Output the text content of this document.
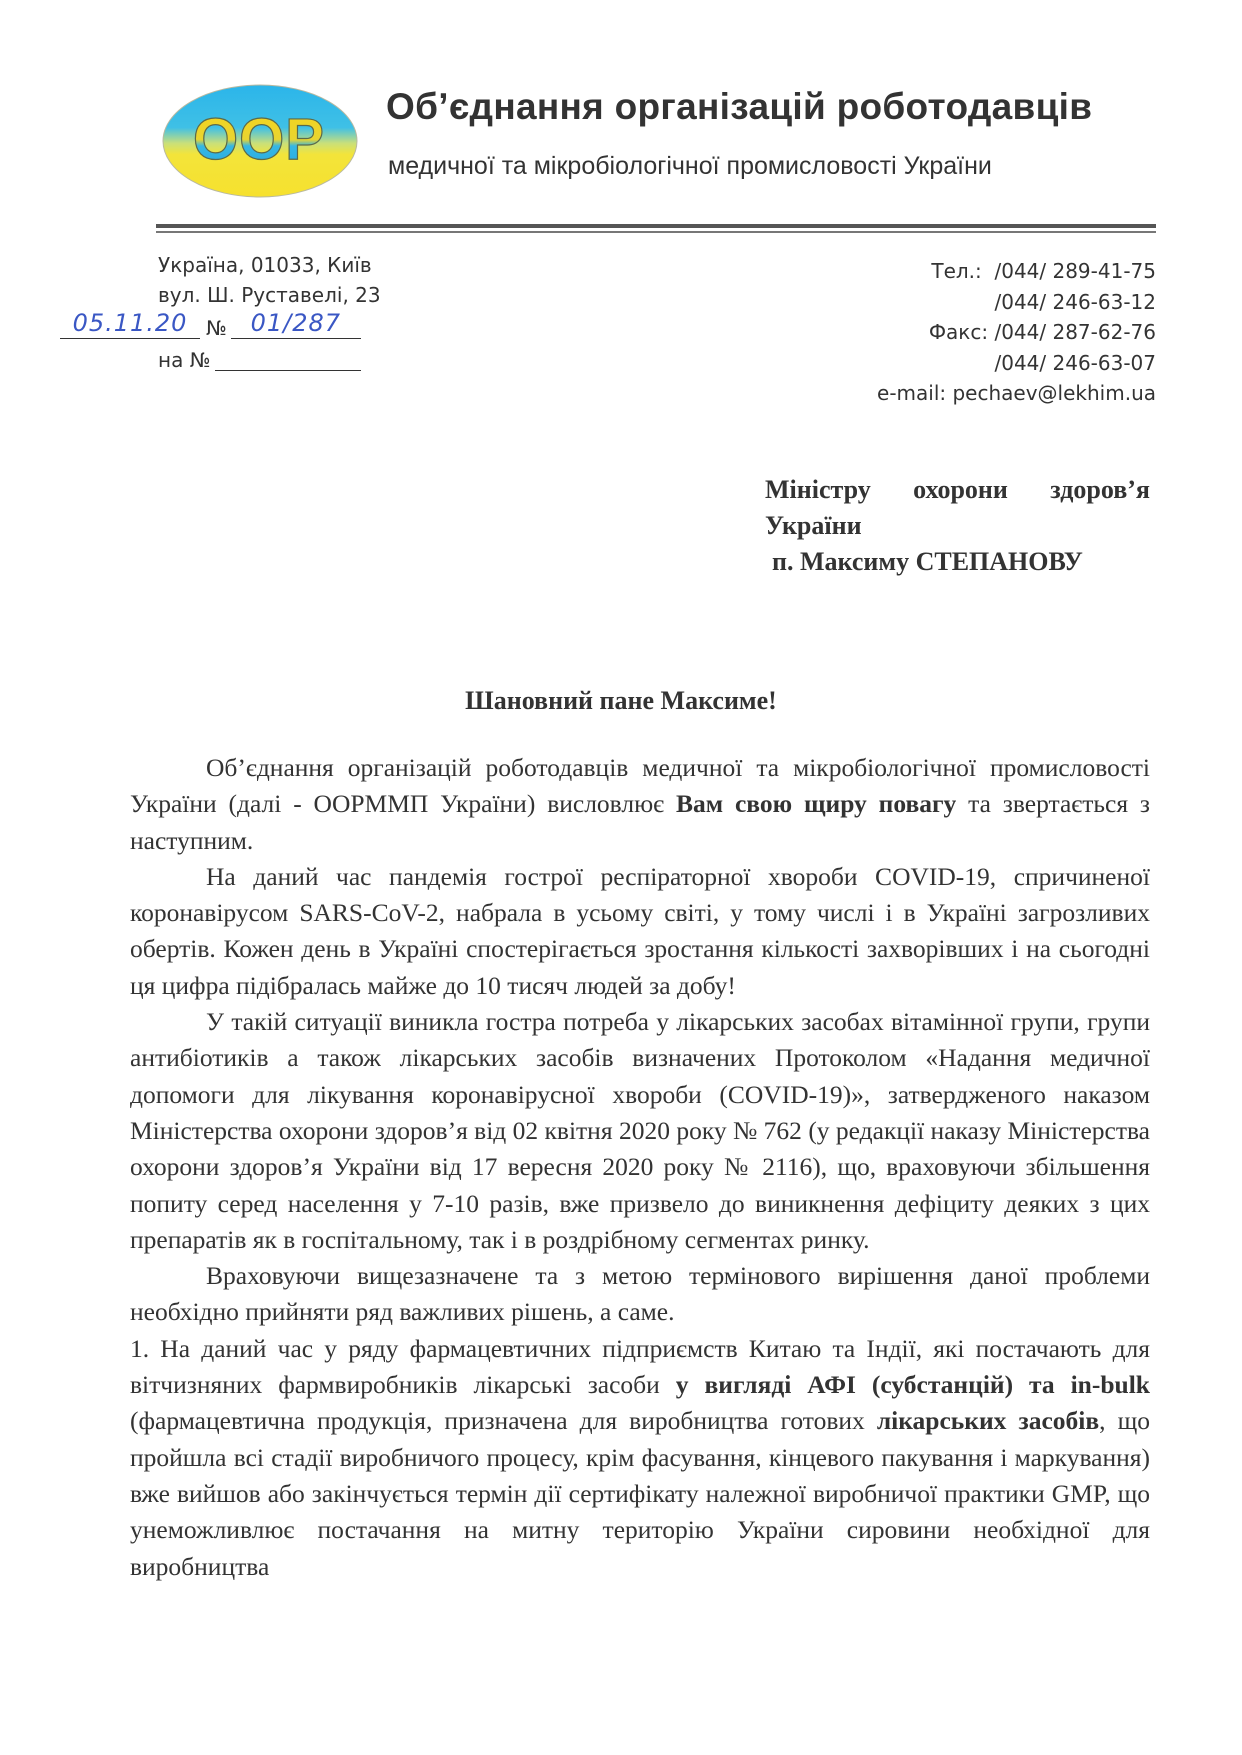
ООР
Об’єднання організацій роботодавців
медичної та мікробіологічної промисловості України
Україна, 01033, Київ
вул. Ш. Руставелі, 23
05.11.20 № 01/287
на №
Тел.:  /044/ 289-41-75
/044/ 246-63-12
Факс: /044/ 287-62-76
/044/ 246-63-07
e-mail: pechaev@lekhim.ua
Міністру охорони здоров’я
України
п. Максиму СТЕПАНОВУ
Шановний пане Максиме!

Об’єднання організацій роботодавців медичної та мікробіологічної промисловості України (далі - ООРММП України) висловлює Вам свою щиру повагу та звертається з наступним.

На даний час пандемія гострої респіраторної хвороби COVID-19, спричиненої коронавірусом SARS-CoV-2, набрала в усьому світі, у тому числі і в Україні загрозливих обертів. Кожен день в Україні спостерігається зростання кількості захворівших і на сьогодні ця цифра підібралась майже до 10 тисяч людей за добу!

У такій ситуації виникла гостра потреба у лікарських засобах вітамінної групи, групи антибіотиків а також лікарських засобів визначених Протоколом «Надання медичної допомоги для лікування коронавірусної хвороби (COVID-19)», затвердженого наказом Міністерства охорони здоров’я від 02 квітня 2020 року № 762 (у редакції наказу Міністерства охорони здоров’я України від 17 вересня 2020 року № 2116), що, враховуючи збільшення попиту серед населення у 7-10 разів, вже призвело до виникнення дефіциту деяких з цих препаратів як в госпітальному, так і в роздрібному сегментах ринку.

Враховуючи вищезазначене та з метою термінового вирішення даної проблеми необхідно прийняти ряд важливих рішень, а саме.

1. На даний час у ряду фармацевтичних підприємств Китаю та Індії, які постачають для вітчизняних фармвиробників лікарські засоби у вигляді АФІ (субстанцій) та in-bulk (фармацевтична продукція, призначена для виробництва готових лікарських засобів, що пройшла всі стадії виробничого процесу, крім фасування, кінцевого пакування і маркування) вже вийшов або закінчується термін дії сертифікату належної виробничої практики GMP, що унеможливлює постачання на митну територію України сировини необхідної для виробництва
